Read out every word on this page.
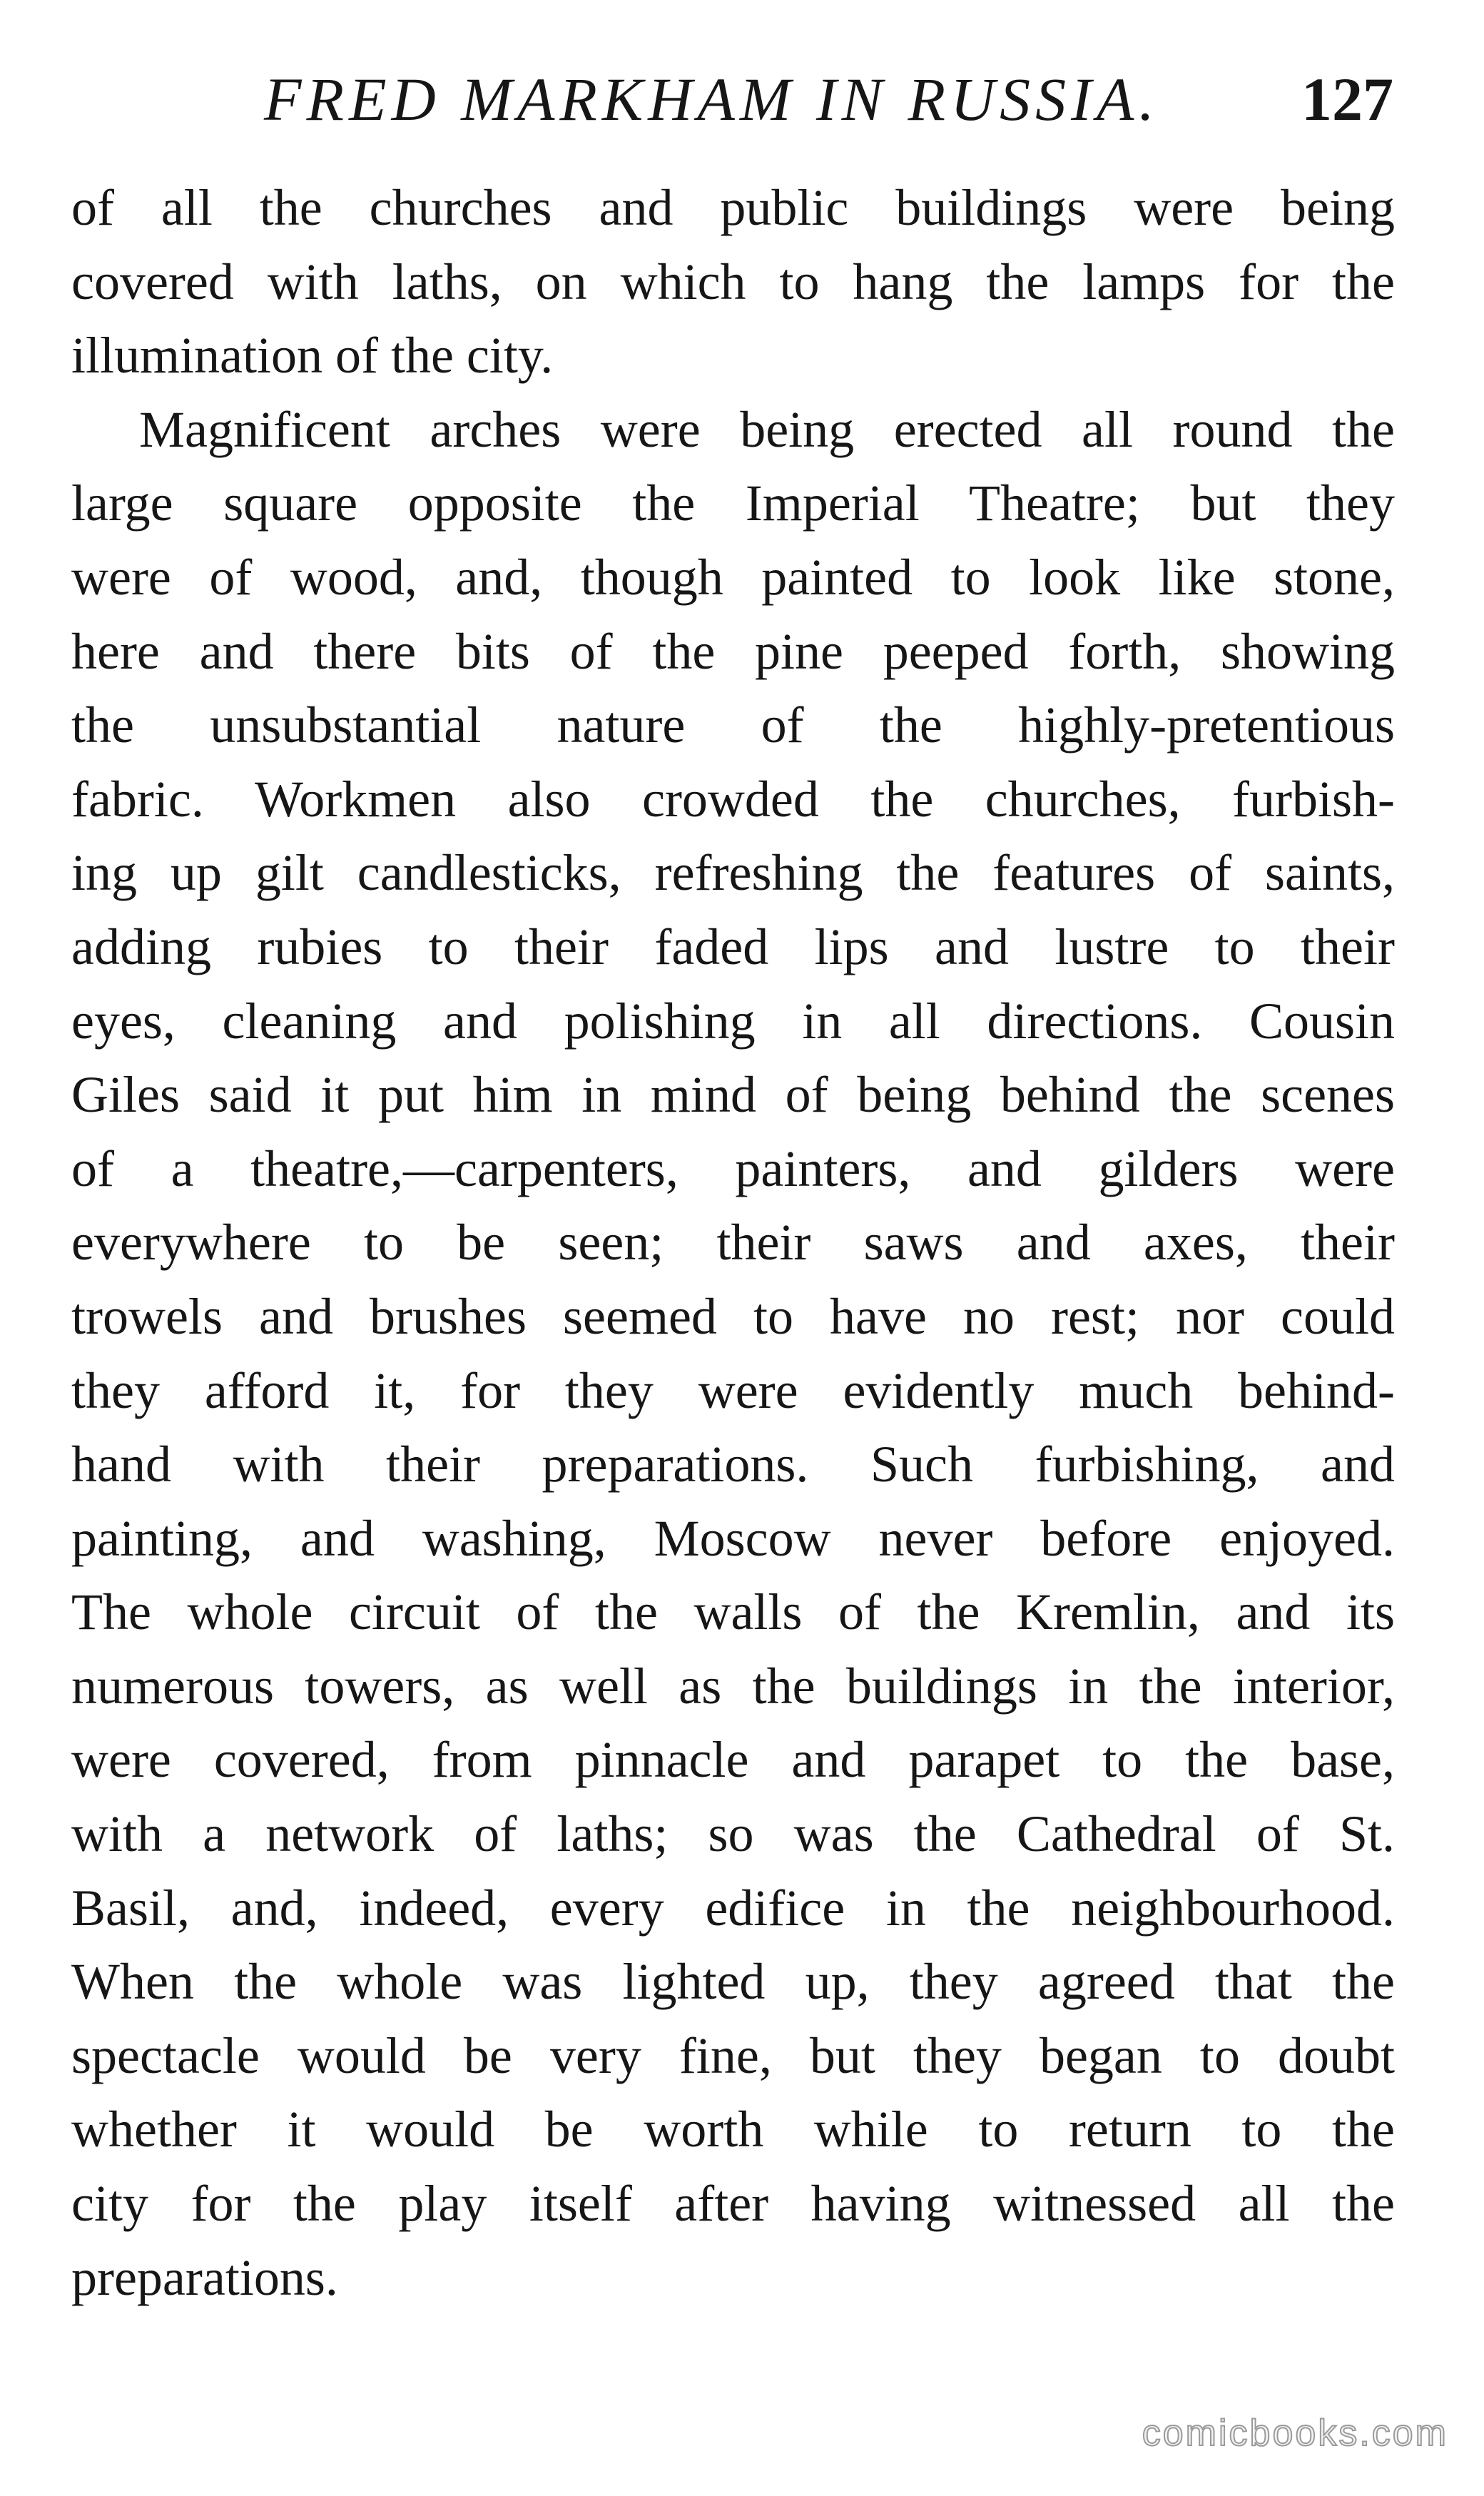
FRED MARKHAM IN RUSSIA. 127
of all the churches and public buildings were being
covered with laths, on which to hang the lamps for the
illumination of the city.
Magnificent arches were being erected all round the
large square opposite the Imperial Theatre; but they
were of wood, and, though painted to look like stone,
here and there bits of the pine peeped forth, showing
the unsubstantial nature of the highly-pretentious
fabric. Workmen also crowded the churches, furbish-
ing up gilt candlesticks, refreshing the features of saints,
adding rubies to their faded lips and lustre to their
eyes, cleaning and polishing in all directions. Cousin
Giles said it put him in mind of being behind the scenes
of a theatre,—carpenters, painters, and gilders were
everywhere to be seen; their saws and axes, their
trowels and brushes seemed to have no rest; nor could
they afford it, for they were evidently much behind-
hand with their preparations. Such furbishing, and
painting, and washing, Moscow never before enjoyed.
The whole circuit of the walls of the Kremlin, and its
numerous towers, as well as the buildings in the interior,
were covered, from pinnacle and parapet to the base,
with a network of laths; so was the Cathedral of St.
Basil, and, indeed, every edifice in the neighbourhood.
When the whole was lighted up, they agreed that the
spectacle would be very fine, but they began to doubt
whether it would be worth while to return to the
city for the play itself after having witnessed all the
preparations.
comicbooks.com
